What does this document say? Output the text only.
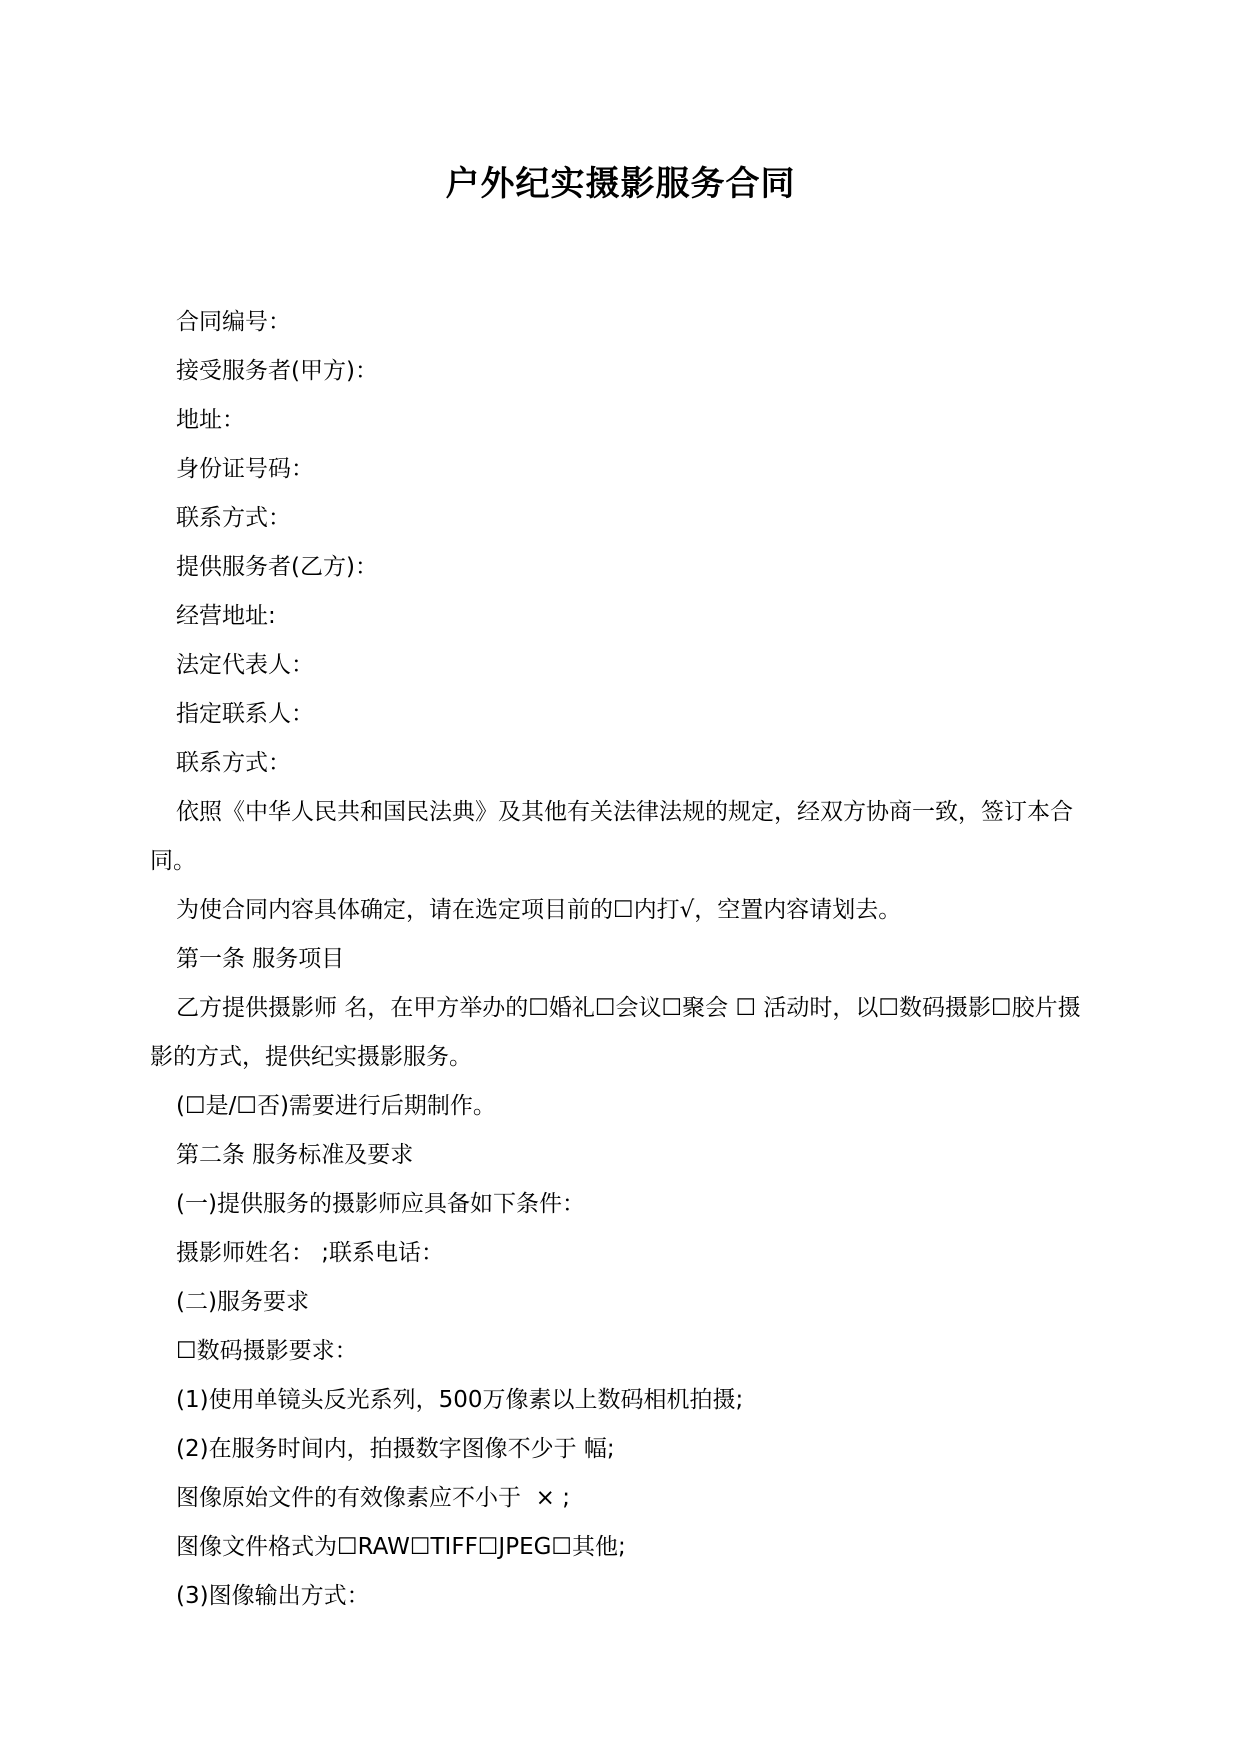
户外纪实摄影服务合同

合同编号：

接受服务者(甲方)：

地址：

身份证号码：

联系方式：

提供服务者(乙方)：

经营地址:

法定代表人：

指定联系人：

联系方式：

依照《中华人民共和国民法典》及其他有关法律法规的规定，经双方协商一致，签订本合同。

为使合同内容具体确定，请在选定项目前的☐内打√，空置内容请划去。

第一条 服务项目

乙方提供摄影师 名，在甲方举办的☐婚礼☐会议☐聚会 ☐ 活动时，以☐数码摄影☐胶片摄影的方式，提供纪实摄影服务。

(☐是/☐否)需要进行后期制作。

第二条 服务标准及要求

(一)提供服务的摄影师应具备如下条件：

摄影师姓名： ;联系电话：

(二)服务要求

☐数码摄影要求：

(1)使用单镜头反光系列，500万像素以上数码相机拍摄;

(2)在服务时间内，拍摄数字图像不少于 幅;

图像原始文件的有效像素应不小于  × ;

图像文件格式为☐RAW☐TIFF☐JPEG☐其他;

(3)图像输出方式：
